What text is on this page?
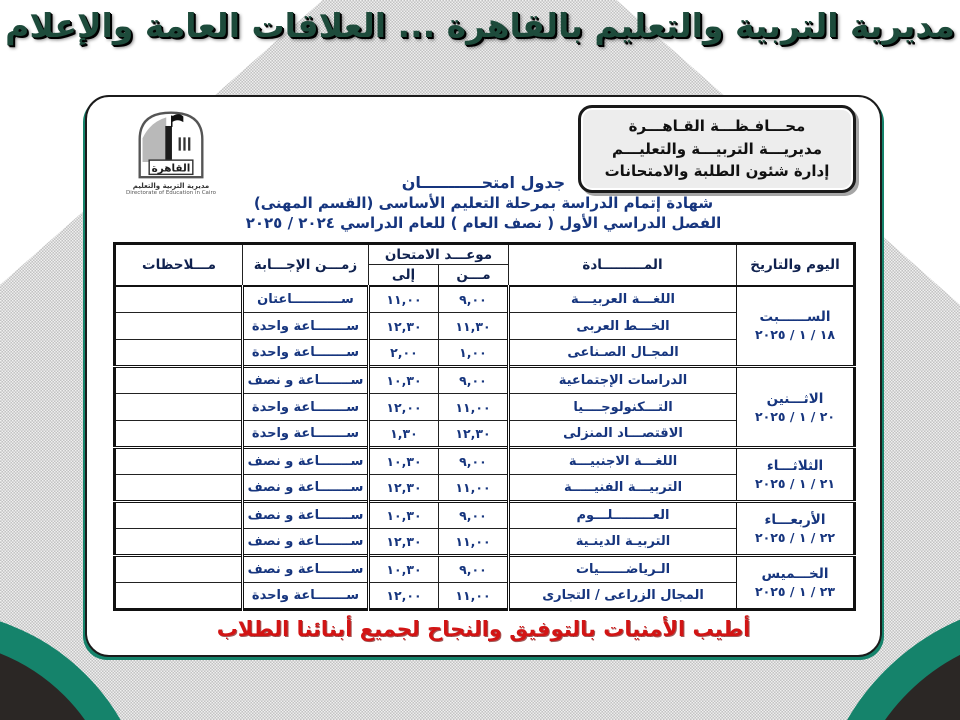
مديرية التربية والتعليم بالقاهرة ... العلاقات العامة والإعلام
القاهرة
مديرية التربية والتعليم
Directorate of Education in Cairo
محـــافـظـــة القـاهـــرة
مديريـــة التربيـــة والتعليـــم
إدارة شئون الطلبة والامتحانات
جدول امتحـــــــــــان
شهادة إتمام الدراسة بمرحلة التعليم الأساسى (القسم المهنى)
الفصل الدراسي الأول ( نصف العام ) للعام الدراسي ٢٠٢٤ / ٢٠٢٥
اليوم والتاريخ	المـــــــــادة	موعـــد الامتحان		زمـــن الإجـــابة	مـــلاحظات
		مـــن	إلى		

الســــــبت
١٨ / ١ / ٢٠٢٥	اللغـــة العربيـــة	٩,٠٠	١١,٠٠	ســـــــــــاعتان	
	الخـــط العربى	١١,٣٠	١٢,٣٠	ســـــــاعة واحدة	
	المجـال الصـناعى	١,٠٠	٢,٠٠	ســـــــاعة واحدة	

الاثـــنين
٢٠ / ١ / ٢٠٢٥	الدراسات الإجتماعية	٩,٠٠	١٠,٣٠	ســـــــاعة و نصف	
	التـــكنولوجــــيا	١١,٠٠	١٢,٠٠	ســـــــاعة واحدة	
	الاقتصـــاد المنزلى	١٢,٣٠	١,٣٠	ســـــــاعة واحدة	

الثلاثـــاء
٢١ / ١ / ٢٠٢٥	اللغـــة الاجنبيـــة	٩,٠٠	١٠,٣٠	ســـــــاعة و نصف	
	التربيـــة الفنيـــــة	١١,٠٠	١٢,٣٠	ســـــــاعة و نصف	

الأربعـــاء
٢٢ / ١ / ٢٠٢٥	العـــــــــلـــوم	٩,٠٠	١٠,٣٠	ســـــــاعة و نصف	
	التربيـة الدينـية	١١,٠٠	١٢,٣٠	ســـــــاعة و نصف	

الخـــميس
٢٣ / ١ / ٢٠٢٥	الـرياضــــــيات	٩,٠٠	١٠,٣٠	ســـــــاعة و نصف	
	المجال الزراعى / التجارى	١١,٠٠	١٢,٠٠	ســـــــاعة واحدة	
أطيب الأمنيات بالتوفيق والنجاح لجميع أبنائنا الطلاب
